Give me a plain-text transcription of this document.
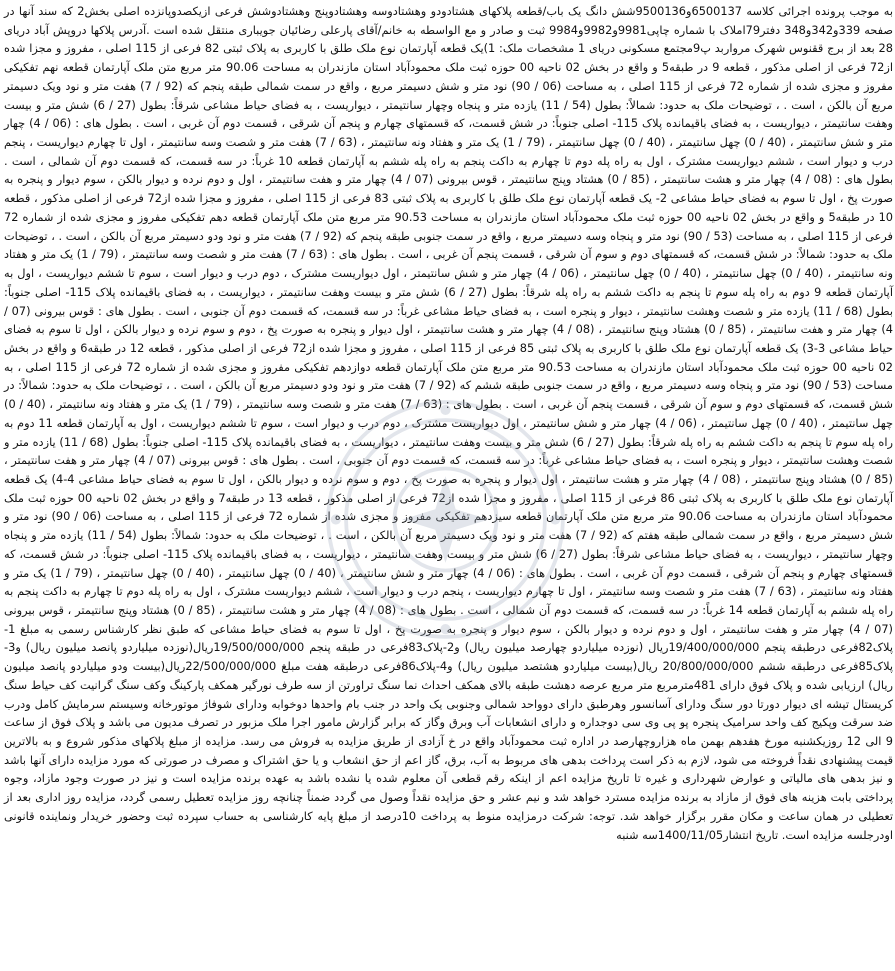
به موجب پرونده اجرائی کلاسه 6500137و9500136شش دانگ یک باب/قطعه پلاکهای هشتادودو وهشتادوسه وهشتادوپنج وهشتادوشش فرعی ازیکصدوپانزده اصلی بخش2 که سند آنها در صفحه 339و342و348 دفتر79املاک با شماره چاپی9981و9982و9984 ثبت و صادر و مع الواسطه به خانم/آقای پارعلی رضائیان جویباری منتقل شده است .آدرس پلاکها دروپش آباد دریای 28 بعد از برج ققنوس شهرک مرواربد پ9مجتمع مسکونی دریای 1 مشخصات ملک: 1)یک قطعه آپارتمان نوع ملک طلق با کاربری به پلاک ثبتی 82 فرعی از 115 اصلی ، مفروز و مجزا شده از72 فرعی از اصلی مذکور ، قطعه 9 در طبقه5 و واقع در بخش 02 ناحیه 00 حوزه ثبت ملک محمودآباد استان مازندران به مساحت 90.06 متر مربع متن ملک آپارتمان قطعه نهم تفکیکی مفروز و مجزی شده از شماره 72 فرعی از 115 اصلی ، به مساحت (06 / 90) نود متر و شش دسیمتر مربع ، واقع در سمت شمالی طبقه پنجم که (92 / 7) هفت متر و نود ویک دسیمتر مربع آن بالکن ، است . ، توضیحات ملک به حدود: شمالاً: بطول (54 / 11) یازده متر و پنجاه وچهار سانتیمتر ، دیواریست ، به فضای حیاط مشاعی شرقاً: بطول (27 / 6) شش متر و بیست وهفت سانتیمتر ، دیواریست ، به فضای باقیمانده پلاک 115- اصلی جنوباً: در شش قسمت، که قسمتهای چهارم و پنجم آن شرقی ، قسمت دوم آن غربی ، است . بطول های : (06 / 4) چهار متر و شش سانتیمتر ، (40 / 0) چهل سانتیمتر ، (40 / 0) چهل سانتیمتر ، (79 / 1) یک متر و هفتاد ونه سانتیمتر ، (63 / 7) هفت متر و شصت وسه سانتیمتر ، اول تا چهارم دیواریست ، پنجم درب و دیوار است ، ششم دیواریست مشترک ، اول به راه پله دوم تا چهارم به داکت پنجم به راه پله ششم به آپارتمان قطعه 10 غرباً: در سه قسمت، که قسمت دوم آن شمالی ، است . بطول های : (08 / 4) چهار متر و هشت سانتیمتر ، (85 / 0) هشتاد وپنج سانتیمتر ، قوس بیرونی (07 / 4) چهار متر و هفت سانتیمتر ، اول و دوم نرده و دیوار بالکن ، سوم دیوار و پنجره به صورت پخ ، اول تا سوم به فضای حیاط مشاعی 2- یک قطعه آپارتمان نوع ملک طلق با کاربری به پلاک ثبتی 83 فرعی از 115 اصلی ، مفروز و مجزا شده از72 فرعی از اصلی مذکور ، قطعه 10 در طبقه5 و واقع در بخش 02 ناحیه 00 حوزه ثبت ملک محمودآباد استان مازندران به مساحت 90.53 متر مربع متن ملک آپارتمان قطعه دهم تفکیکی مفروز و مجزی شده از شماره 72 فرعی از 115 اصلی ، به مساحت (53 / 90) نود متر و پنجاه وسه دسیمتر مربع ، واقع در سمت جنوبی طبقه پنجم که (92 / 7) هفت متر و نود ودو دسیمتر مربع آن بالکن ، است . ، توضیحات ملک به حدود: شمالاً: در شش قسمت، که قسمتهای دوم و سوم آن شرقی ، قسمت پنجم آن غربی ، است . بطول های : (63 / 7) هفت متر و شصت وسه سانتیمتر ، (79 / 1) یک متر و هفتاد ونه سانتیمتر ، (40 / 0) چهل سانتیمتر ، (40 / 0) چهل سانتیمتر ، (06 / 4) چهار متر و شش سانتیمتر ، اول دیواریست مشترک ، دوم درب و دیوار است ، سوم تا ششم دیواریست ، اول به آپارتمان قطعه 9 دوم به راه پله سوم تا پنجم به داکت ششم به راه پله شرقاً: بطول (27 / 6) شش متر و بیست وهفت سانتیمتر ، دیواریست ، به فضای باقیمانده پلاک 115- اصلی جنوباً: بطول (68 / 11) یازده متر و شصت وهشت سانتیمتر ، دیوار و پنجره است ، به فضای حیاط مشاعی غرباً: در سه قسمت، که قسمت دوم آن جنوبی ، است . بطول های : قوس بیرونی (07 / 4) چهار متر و هفت سانتیمتر ، (85 / 0) هشتاد وپنج سانتیمتر ، (08 / 4) چهار متر و هشت سانتیمتر ، اول دیوار و پنجره به صورت پخ ، دوم و سوم نرده و دیوار بالکن ، اول تا سوم به فضای حیاط مشاعی 3-3) یک قطعه آپارتمان نوع ملک طلق با کاربری به پلاک ثبتی 85 فرعی از 115 اصلی ، مفروز و مجزا شده از72 فرعی از اصلی مذکور ، قطعه 12 در طبقه6 و واقع در بخش 02 ناحیه 00 حوزه ثبت ملک محمودآباد استان مازندران به مساحت 90.53 متر مربع متن ملک آپارتمان قطعه دوازدهم تفکیکی مفروز و مجزی شده از شماره 72 فرعی از 115 اصلی ، به مساحت (53 / 90) نود متر و پنجاه وسه دسیمتر مربع ، واقع در سمت جنوبی طبقه ششم که (92 / 7) هفت متر و نود ودو دسیمتر مربع آن بالکن ، است . ، توضیحات ملک به حدود: شمالاً: در شش قسمت، که قسمتهای دوم و سوم آن شرقی ، قسمت پنجم آن غربی ، است . بطول های : (63 / 7) هفت متر و شصت وسه سانتیمتر ، (79 / 1) یک متر و هفتاد ونه سانتیمتر ، (40 / 0) چهل سانتیمتر ، (40 / 0) چهل سانتیمتر ، (06 / 4) چهار متر و شش سانتیمتر ، اول دیواریست مشترک ، دوم درب و دیوار است ، سوم تا ششم دیواریست ، اول به آپارتمان قطعه 11 دوم به راه پله سوم تا پنجم به داکت ششم به راه پله شرقاً: بطول (27 / 6) شش متر و بیست وهفت سانتیمتر ، دیواریست ، به فضای باقیمانده پلاک 115- اصلی جنوباً: بطول (68 / 11) یازده متر و شصت وهشت سانتیمتر ، دیوار و پنجره است ، به فضای حیاط مشاعی غرباً: در سه قسمت، که قسمت دوم آن جنوبی ، است . بطول های : قوس بیرونی (07 / 4) چهار متر و هفت سانتیمتر ، (85 / 0) هشتاد وپنج سانتیمتر ، (08 / 4) چهار متر و هشت سانتیمتر ، اول دیوار و پنجره به صورت پخ ، دوم و سوم نرده و دیوار بالکن ، اول تا سوم به فضای حیاط مشاعی 4-4) یک قطعه آپارتمان نوع ملک طلق با کاربری به پلاک ثبتی 86 فرعی از 115 اصلی ، مفروز و مجزا شده از72 فرعی از اصلی مذکور ، قطعه 13 در طبقه7 و واقع در بخش 02 ناحیه 00 حوزه ثبت ملک محمودآباد استان مازندران به مساحت 90.06 متر مربع متن ملک آپارتمان قطعه سیزدهم تفکیکی مفروز و مجزی شده از شماره 72 فرعی از 115 اصلی ، به مساحت (06 / 90) نود متر و شش دسیمتر مربع ، واقع در سمت شمالی طبقه هفتم که (92 / 7) هفت متر و نود ویک دسیمتر مربع آن بالکن ، است . ، توضیحات ملک به حدود: شمالاً: بطول (54 / 11) یازده متر و پنجاه وچهار سانتیمتر ، دیواریست ، به فضای حیاط مشاعی شرقاً: بطول (27 / 6) شش متر و بیست وهفت سانتیمتر ، دیواریست ، به فضای باقیمانده پلاک 115- اصلی جنوباً: در شش قسمت، که قسمتهای چهارم و پنجم آن شرقی ، قسمت دوم آن غربی ، است . بطول های : (06 / 4) چهار متر و شش سانتیمتر ، (40 / 0) چهل سانتیمتر ، (40 / 0) چهل سانتیمتر ، (79 / 1) یک متر و هفتاد ونه سانتیمتر ، (63 / 7) هفت متر و شصت وسه سانتیمتر ، اول تا چهارم دیواریست ، پنجم درب و دیوار است ، ششم دیواریست مشترک ، اول به راه پله دوم تا چهارم به داکت پنجم به راه پله ششم به آپارتمان قطعه 14 غرباً: در سه قسمت، که قسمت دوم آن شمالی ، است . بطول های : (08 / 4) چهار متر و هشت سانتیمتر ، (85 / 0) هشتاد وپنج سانتیمتر ، قوس بیرونی (07 / 4) چهار متر و هفت سانتیمتر ، اول و دوم نرده و دیوار بالکن ، سوم دیوار و پنجره به صورت پخ ، اول تا سوم به فضای حیاط مشاعی که طبق نظر کارشناس رسمی به مبلغ 1-پلاک82فرعی درطبقه پنجم 19/400/000/000ریال (نوزده میلیاردو چهارصد میلیون ریال) و2-پلاک83فرعی در طبقه پنجم 19/500/000/000ریال(نوزده میلیاردو پانصد میلیون ریال) و3-پلاک85فرعی درطبقه ششم 20/800/000/000 ریال(بیست میلیاردو هشتصد میلیون ریال) و4-پلاک86فرعی درطبقه هفت مبلغ 22/500/000/000ریال(بیست ودو میلیاردو پانصد میلیون ریال) ارزیابی شده و پلاک فوق دارای 481مترمربع متر مربع عرصه دهشت طبقه بالای همکف احداث نما سنگ تراورتن از سه طرف نورگیر همکف پارکینگ وکف سنگ گرانیت کف حیاط سنگ کریستال تیشه ای دیوار دورتا دور سنگ ودارای آسانسور وهرطبق دارای دوواحد شمالی وجنوبی یک واحد در جنب بام واحدها دوخوابه ودارای شوفاژ موتورخانه وسیستم سرمایش کامل ودرب ضد سرقت وپکیج کف واحد سرامیک پنجره پو پی وی سی دوجداره و دارای انشعابات آب وبرق وگاز که برابر گزارش مامور اجرا ملک مزبور در تصرف مدیون می باشد و پلاک فوق از ساعت 9 الی 12 روزیکشنبه مورخ هفدهم بهمن ماه هزاروچهارصد در اداره ثبت محمودآباد واقع در خ آزادی از طریق مزایده به فروش می رسد. مزایده از مبلغ پلاکهای مذکور شروع و به بالاترین قیمت پیشنهادی نقداً فروخته می شود، لازم به ذکر است پرداخت بدهی های مربوط به آب، برق، گاز اعم از حق انشعاب و یا حق اشتراک و مصرف در صورتی که مورد مزایده دارای آنها باشد و نیز بدهی های مالیاتی و عوارض شهرداری و غیره تا تاریخ مزایده اعم از اینکه رقم قطعی آن معلوم شده یا نشده باشد به عهده برنده مزایده است و نیز در صورت وجود مازاد، وجوه پرداختی بابت هزینه های فوق از مازاد به برنده مزایده مسترد خواهد شد و نیم عشر و حق مزایده نقداً وصول می گردد ضمناً چنانچه روز مزایده تعطیل رسمی گردد، مزایده روز اداری بعد از تعطیلی در همان ساعت و مکان مقرر برگزار خواهد شد. توجه: شرکت درمزایده منوط به پرداخت 10درصد از مبلغ پایه کارشناسی به حساب سپرده ثبت وحضور خریدار ونماینده قانونی اودرجلسه مزایده است. تاریخ انتشار1400/11/05سه شنبه
